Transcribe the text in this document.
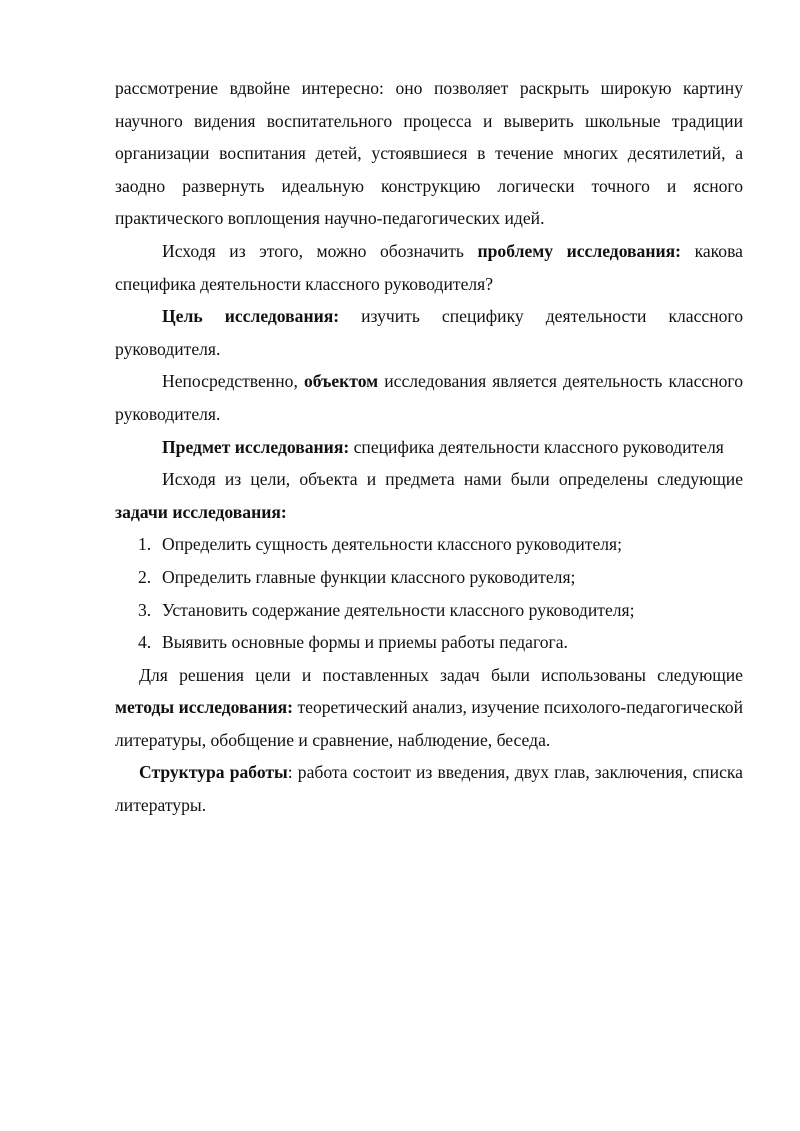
рассмотрение вдвойне интересно: оно позволяет раскрыть широкую картину научного видения воспитательного процесса и выверить школьные традиции организации воспитания детей, устоявшиеся в течение многих десятилетий, а заодно развернуть идеальную конструкцию логически точного и ясного практического воплощения научно-педагогических идей.

Исходя из этого, можно обозначить проблему исследования: какова специфика деятельности классного руководителя?

Цель исследования: изучить специфику деятельности классного руководителя.

Непосредственно, объектом исследования является деятельность классного руководителя.

Предмет исследования: специфика деятельности классного руководителя

Исходя из цели, объекта и предмета нами были определены следующие задачи исследования:

1. Определить сущность деятельности классного руководителя;
2. Определить главные функции классного руководителя;
3. Установить содержание деятельности классного руководителя;
4. Выявить основные формы и приемы работы педагога.

Для решения цели и поставленных задач были использованы следующие методы исследования: теоретический анализ, изучение психолого-педагогической литературы, обобщение и сравнение, наблюдение, беседа.

Структура работы: работа состоит из введения, двух глав, заключения, списка литературы.
